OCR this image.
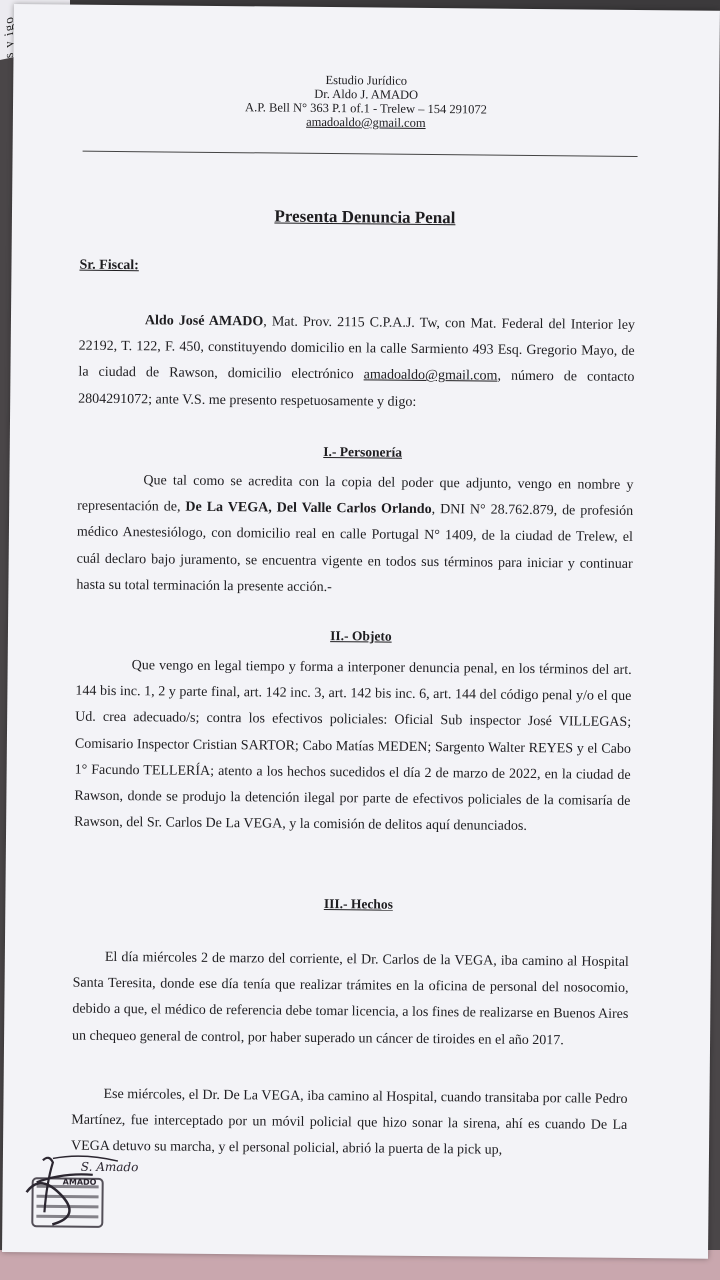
s y igo
Estudio Jurídico
Dr. Aldo J. AMADO
A.P. Bell N° 363 P.1 of.1 - Trelew – 154 291072
amadoaldo@gmail.com
Presenta Denuncia Penal
Sr. Fiscal:
Aldo José AMADO, Mat. Prov. 2115 C.P.A.J. Tw, con Mat. Federal del Interior ley 22192, T. 122, F. 450, constituyendo domicilio en la calle Sarmiento 493 Esq. Gregorio Mayo, de la ciudad de Rawson, domicilio electrónico amadoaldo@gmail.com, número de contacto 2804291072; ante V.S. me presento respetuosamente y digo:
I.- Personería
Que tal como se acredita con la copia del poder que adjunto, vengo en nombre y representación de, De La VEGA, Del Valle Carlos Orlando, DNI N° 28.762.879, de profesión médico Anestesiólogo, con domicilio real en calle Portugal N° 1409, de la ciudad de Trelew, el cuál declaro bajo juramento, se encuentra vigente en todos sus términos para iniciar y continuar hasta su total terminación la presente acción.-
II.- Objeto
Que vengo en legal tiempo y forma a interponer denuncia penal, en los términos del art. 144 bis inc. 1, 2 y parte final, art. 142 inc. 3, art. 142 bis inc. 6, art. 144 del código penal y/o el que Ud. crea adecuado/s; contra los efectivos policiales: Oficial Sub inspector José VILLEGAS; Comisario Inspector Cristian SARTOR; Cabo Matías MEDEN; Sargento Walter REYES y el Cabo 1° Facundo TELLERÍA; atento a los hechos sucedidos el día 2 de marzo de 2022, en la ciudad de Rawson, donde se produjo la detención ilegal por parte de efectivos policiales de la comisaría de Rawson, del Sr. Carlos De La VEGA, y la comisión de delitos aquí denunciados.
III.- Hechos
El día miércoles 2 de marzo del corriente, el Dr. Carlos de la VEGA, iba camino al Hospital Santa Teresita, donde ese día tenía que realizar trámites en la oficina de personal del nosocomio, debido a que, el médico de referencia debe tomar licencia, a los fines de realizarse en Buenos Aires un chequeo general de control, por haber superado un cáncer de tiroides en el año 2017.
Ese miércoles, el Dr. De La VEGA, iba camino al Hospital, cuando transitaba por calle Pedro Martínez, fue interceptado por un móvil policial que hizo sonar la sirena, ahí es cuando De La VEGA detuvo su marcha, y el personal policial, abrió la puerta de la pick up,
S. Amado
AMADO
